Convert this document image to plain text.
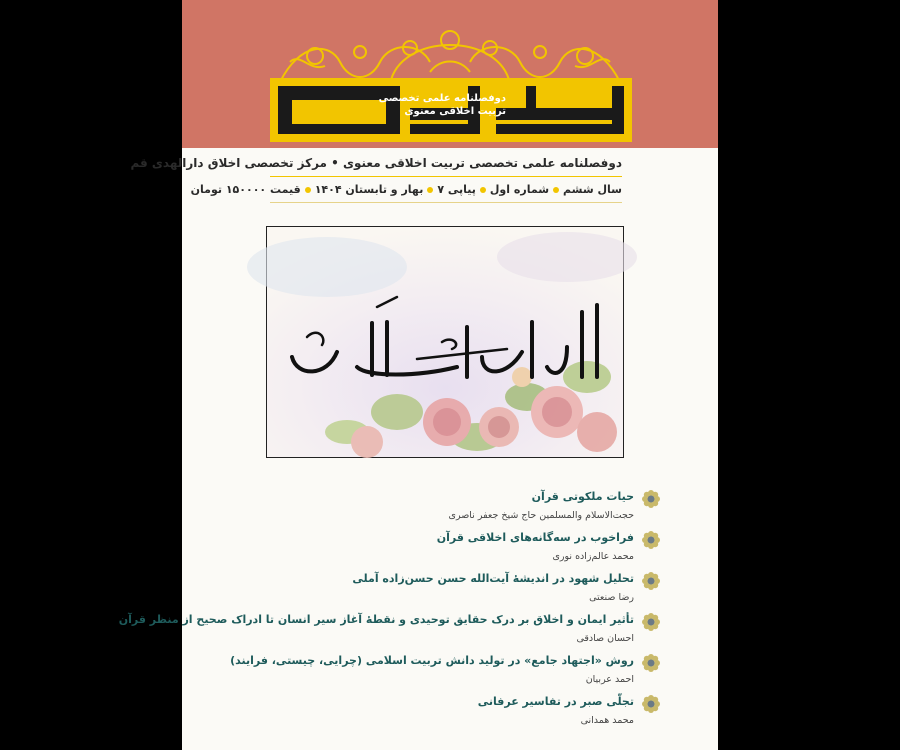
دوفصلنامه علمی تخصصی
تربیت اخلاقی معنوی
دوفصلنامه علمی تخصصی تربیت اخلاقی معنوی • مرکز تخصصی اخلاق دارالهدی قم
سال ششمشماره اولپیاپی ۷بهار و تابستان ۱۴۰۴قیمت ۱۵۰۰۰۰ تومان
حیات ملکوتی قرآن
حجت‌الاسلام والمسلمین حاج شیخ جعفر ناصری
فراخوب در سه‌گانه‌های اخلاقی قرآن
محمد عالم‌زاده نوری
تحلیل شهود در اندیشهٔ آیت‌الله حسن حسن‌زاده آملی
رضا صنعتی
تأثیر ایمان و اخلاق بر درک حقایق توحیدی و نقطهٔ آغاز سیر انسان تا ادراک صحیح از منظر قرآن
احسان صادقی
روش «اجتهاد جامع» در تولید دانش تربیت اسلامی (چرایی، چیستی، فرایند)
احمد عربیان
تجلّی صبر در تفاسیر عرفانی
محمد همدانی
